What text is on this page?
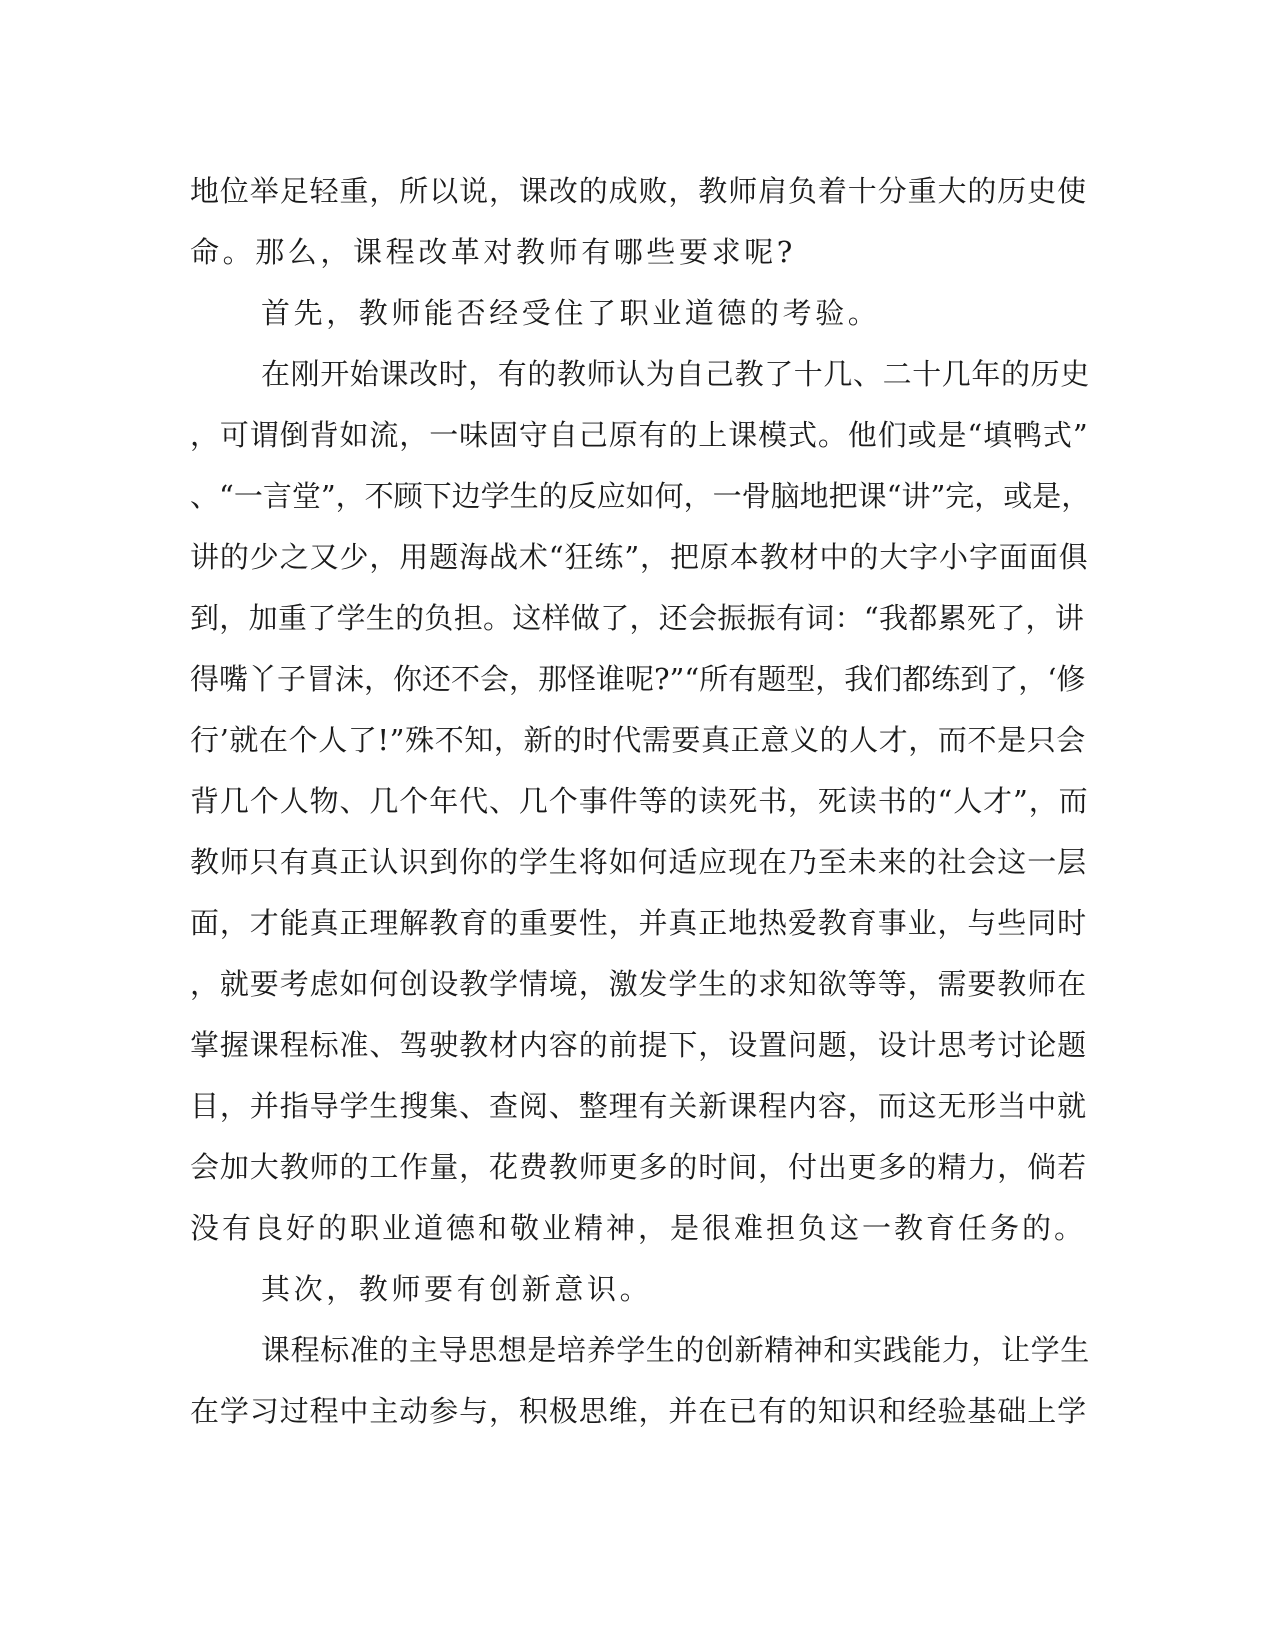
地位举足轻重，所以说，课改的成败，教师肩负着十分重大的历史使
命。那么，课程改革对教师有哪些要求呢?
首先，教师能否经受住了职业道德的考验。
在刚开始课改时，有的教师认为自己教了十几、二十几年的历史
，可谓倒背如流，一味固守自己原有的上课模式。他们或是“填鸭式”
、“一言堂”，不顾下边学生的反应如何，一骨脑地把课“讲”完，或是，
讲的少之又少，用题海战术“狂练”，把原本教材中的大字小字面面俱
到，加重了学生的负担。这样做了，还会振振有词：“我都累死了，讲
得嘴丫子冒沫，你还不会，那怪谁呢?”“所有题型，我们都练到了，‘修
行’就在个人了!”殊不知，新的时代需要真正意义的人才，而不是只会
背几个人物、几个年代、几个事件等的读死书，死读书的“人才”，而
教师只有真正认识到你的学生将如何适应现在乃至未来的社会这一层
面，才能真正理解教育的重要性，并真正地热爱教育事业，与些同时
，就要考虑如何创设教学情境，激发学生的求知欲等等，需要教师在
掌握课程标准、驾驶教材内容的前提下，设置问题，设计思考讨论题
目，并指导学生搜集、查阅、整理有关新课程内容，而这无形当中就
会加大教师的工作量，花费教师更多的时间，付出更多的精力，倘若
没有良好的职业道德和敬业精神，是很难担负这一教育任务的。
其次，教师要有创新意识。
课程标准的主导思想是培养学生的创新精神和实践能力，让学生
在学习过程中主动参与，积极思维，并在已有的知识和经验基础上学
